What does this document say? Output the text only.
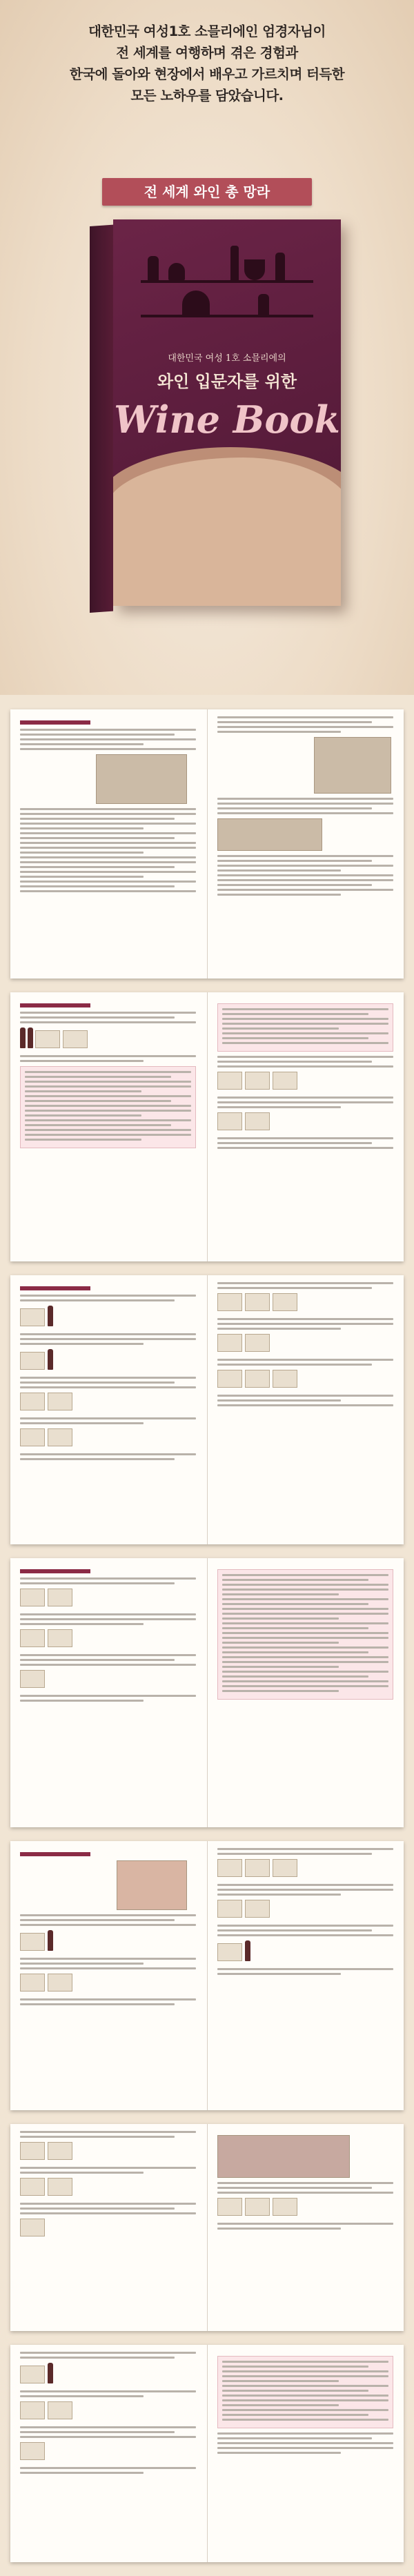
대한민국 여성1호 소믈리에인 엄경자님이
전 세계를 여행하며 겪은 경험과
한국에 돌아와 현장에서 배우고 가르치며 터득한
모든 노하우를 담았습니다.
전 세계 와인 총 망라
대한민국 여성 1호 소믈리에의
와인 입문자를 위한
Wine Book
